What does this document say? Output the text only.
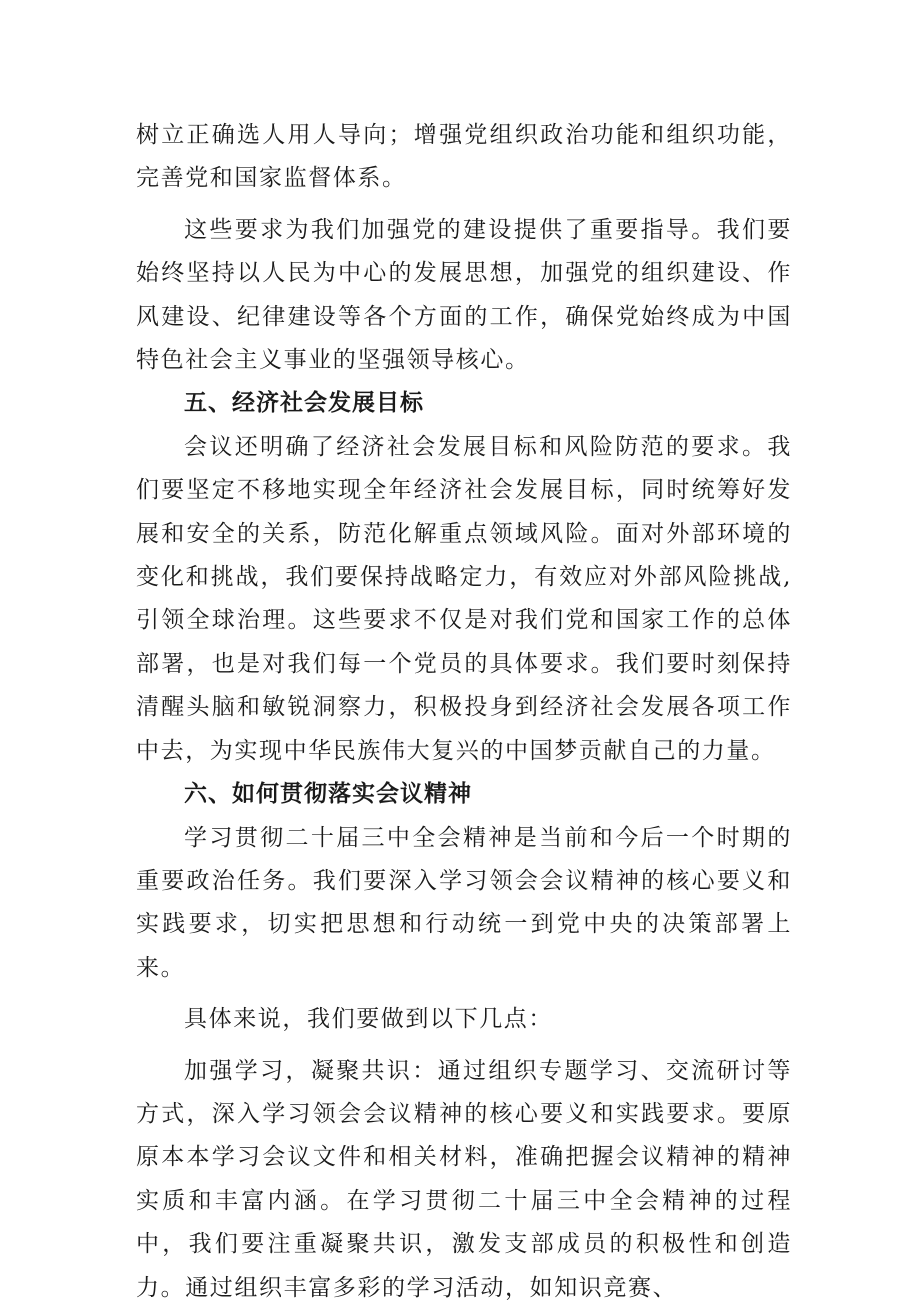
树立正确选人用人导向；增强党组织政治功能和组织功能，完善党和国家监督体系。

这些要求为我们加强党的建设提供了重要指导。我们要始终坚持以人民为中心的发展思想，加强党的组织建设、作风建设、纪律建设等各个方面的工作，确保党始终成为中国特色社会主义事业的坚强领导核心。

五、经济社会发展目标

会议还明确了经济社会发展目标和风险防范的要求。我们要坚定不移地实现全年经济社会发展目标，同时统筹好发展和安全的关系，防范化解重点领域风险。面对外部环境的变化和挑战，我们要保持战略定力，有效应对外部风险挑战,引领全球治理。这些要求不仅是对我们党和国家工作的总体部署，也是对我们每一个党员的具体要求。我们要时刻保持清醒头脑和敏锐洞察力，积极投身到经济社会发展各项工作中去，为实现中华民族伟大复兴的中国梦贡献自己的力量。

六、如何贯彻落实会议精神

学习贯彻二十届三中全会精神是当前和今后一个时期的重要政治任务。我们要深入学习领会会议精神的核心要义和实践要求，切实把思想和行动统一到党中央的决策部署上来。

具体来说，我们要做到以下几点：

加强学习，凝聚共识：通过组织专题学习、交流研讨等方式，深入学习领会会议精神的核心要义和实践要求。要原原本本学习会议文件和相关材料，准确把握会议精神的精神实质和丰富内涵。在学习贯彻二十届三中全会精神的过程中，我们要注重凝聚共识，激发支部成员的积极性和创造力。通过组织丰富多彩的学习活动，如知识竞赛、
